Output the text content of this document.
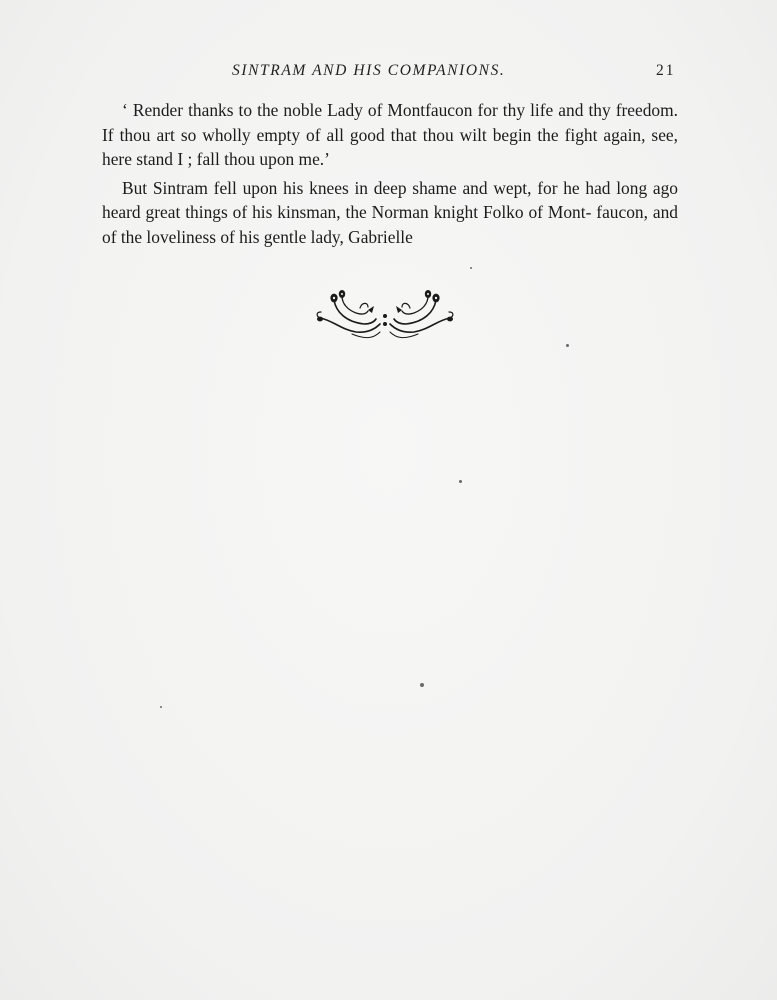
SINTRAM AND HIS COMPANIONS.	21

‘ Render thanks to the noble Lady of Montfaucon for thy life and thy freedom. If thou art so wholly empty of all good that thou wilt begin the fight again, see, here stand I ; fall thou upon me.’

But Sintram fell upon his knees in deep shame and wept, for he had long ago heard great things of his kinsman, the Norman knight Folko of Mont- faucon, and of the loveliness of his gentle lady, Gabrielle
